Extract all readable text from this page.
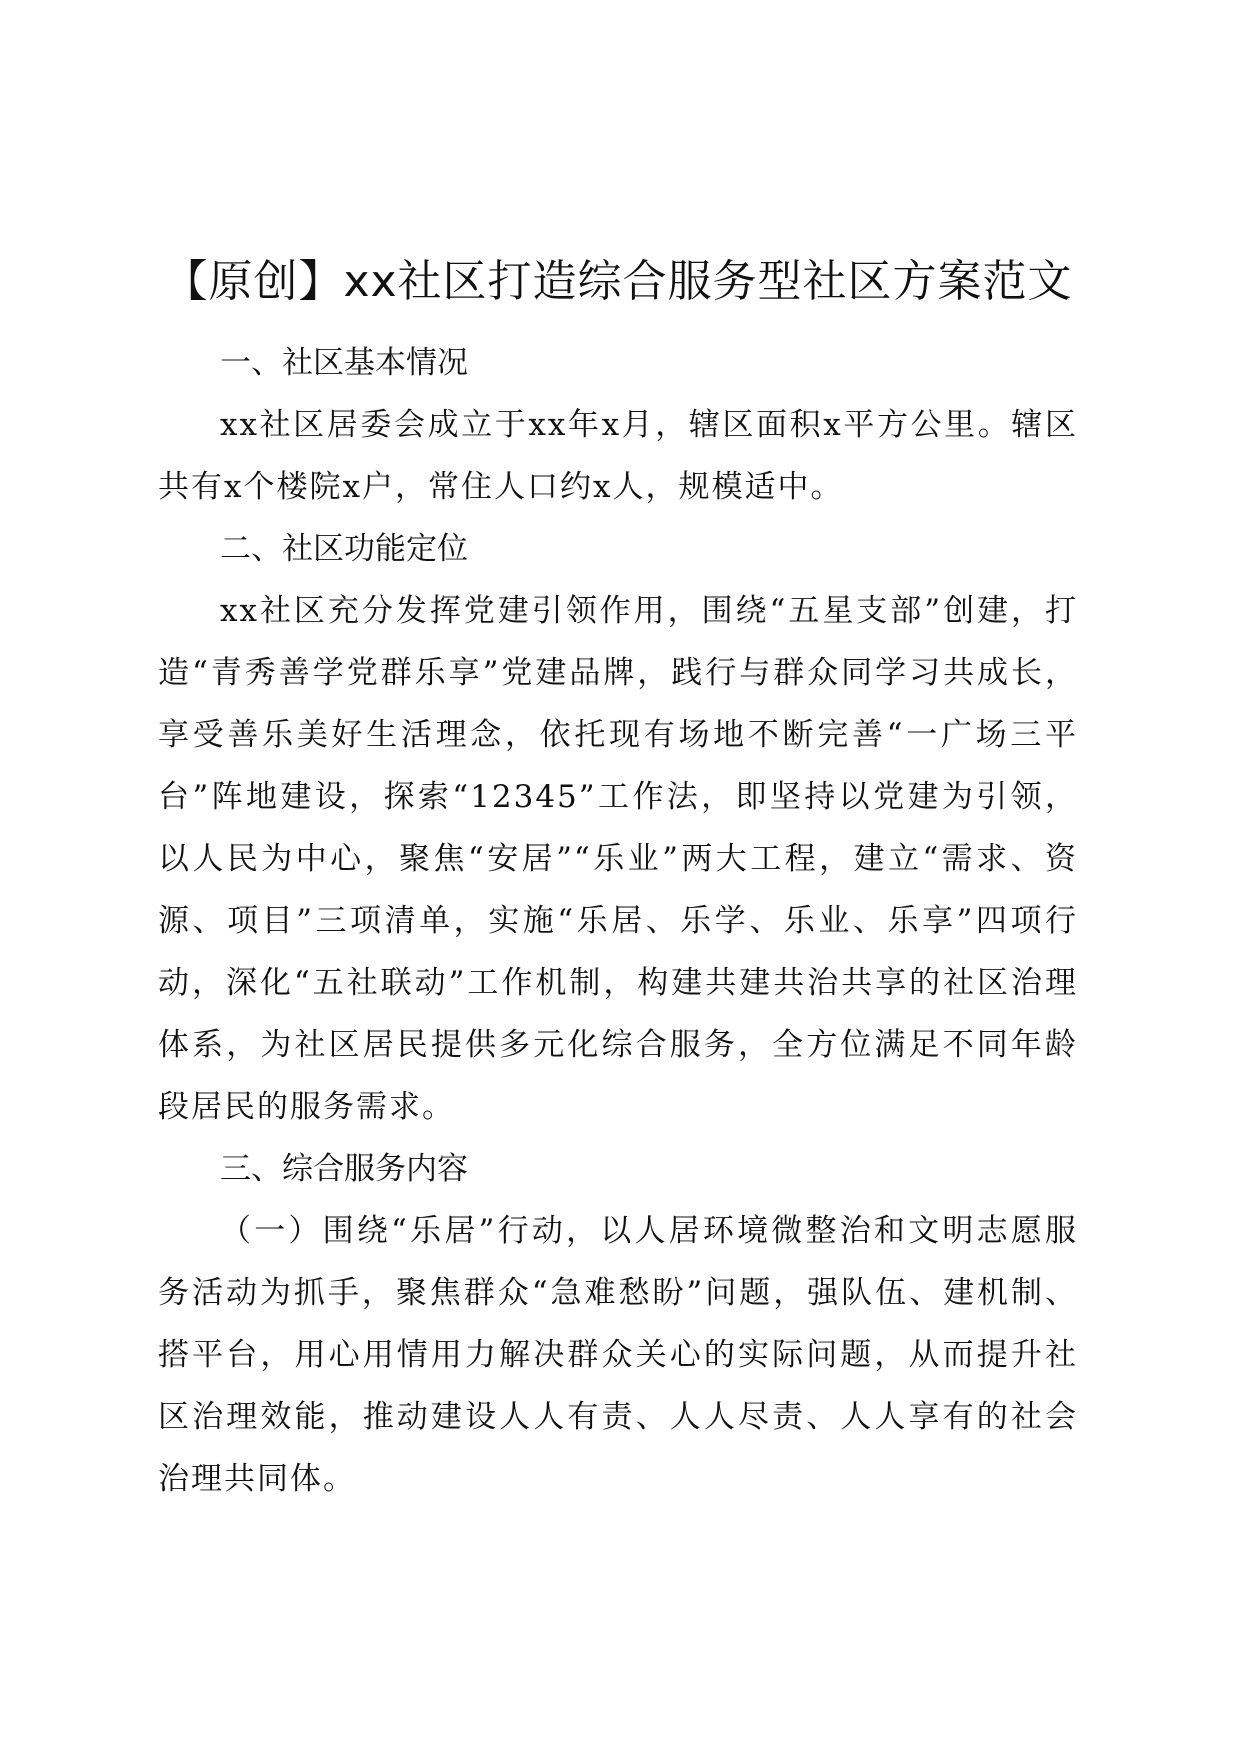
【原创】xx社区打造综合服务型社区方案范文
一、社区基本情况

xx社区居委会成立于xx年x月，辖区面积x平方公里。辖区共有x个楼院x户，常住人口约x人，规模适中。

二、社区功能定位

xx社区充分发挥党建引领作用，围绕“五星支部”创建，打造“青秀善学党群乐享”党建品牌，践行与群众同学习共成长，享受善乐美好生活理念，依托现有场地不断完善“一广场三平台”阵地建设，探索“12345”工作法，即坚持以党建为引领，以人民为中心，聚焦“安居”“乐业”两大工程，建立“需求、资源、项目”三项清单，实施“乐居、乐学、乐业、乐享”四项行动，深化“五社联动”工作机制，构建共建共治共享的社区治理体系，为社区居民提供多元化综合服务，全方位满足不同年龄段居民的服务需求。

三、综合服务内容

（一）围绕“乐居”行动，以人居环境微整治和文明志愿服务活动为抓手，聚焦群众“急难愁盼”问题，强队伍、建机制、搭平台，用心用情用力解决群众关心的实际问题，从而提升社区治理效能，推动建设人人有责、人人尽责、人人享有的社会治理共同体。
